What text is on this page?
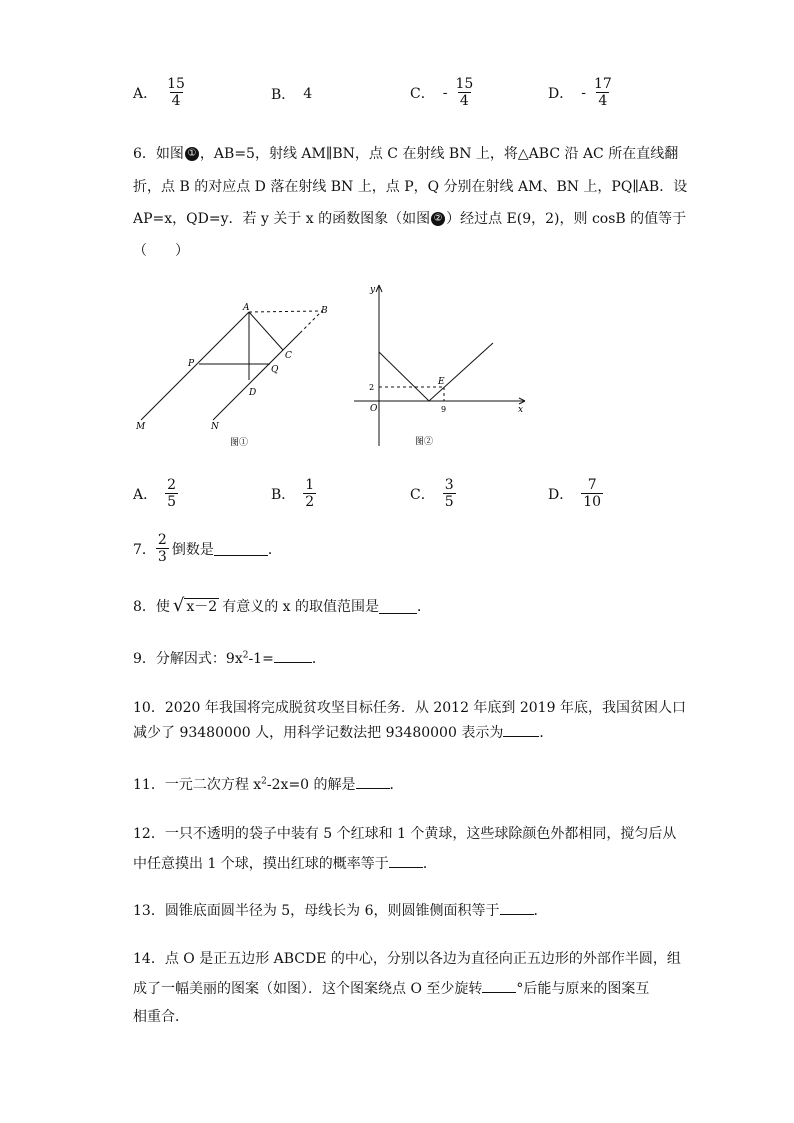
A． $\frac{15}{4}$	B． 4	C． - $\frac{15}{4}$	D． - $\frac{17}{4}$
6．如图 ① ，AB=5，射线 AM∥BN，点 C 在射线 BN 上，将△ABC 沿 AC 所在直线翻
折，点 B 的对应点 D 落在射线 BN 上，点 P，Q 分别在射线 AM、BN 上，PQ∥AB．设
AP=x，QD=y．若 y 关于 x 的函数图象（如图 ② ）经过点 E(9，2)，则 cosB 的值等于
（　　）
A	B
C
D
P
Q
M	N
图①
y
x
O
E
2
9
图②
A． $\frac{2}{5}$	B． $\frac{1}{2}$	C． $\frac{3}{5}$	D． $\frac{7}{10}$
7． $\frac{2}{3}$ 倒数是	．
8．使 √ x－2 有意义的 x 的取值范围是	．
9．分解因式：$9x^2-1=$	．
10．2020 年我国将完成脱贫攻坚目标任务．从 2012 年底到 2019 年底，我国贫困人口
减少了 93480000 人，用科学记数法把 93480000 表示为	．
11．一元二次方程 $x^2-2x=0$ 的解是 ．
12．一只不透明的袋子中装有 5 个红球和 1 个黄球，这些球除颜色外都相同，搅匀后从
中任意摸出 1 个球，摸出红球的概率等于 ．
13．圆锥底面圆半径为 5，母线长为 6，则圆锥侧面积等于 ．
14．点 O 是正五边形 ABCDE 的中心，分别以各边为直径向正五边形的外部作半圆，组
成了一幅美丽的图案（如图）．这个图案绕点 O 至少旋转 °后能与原来的图案互
相重合．
